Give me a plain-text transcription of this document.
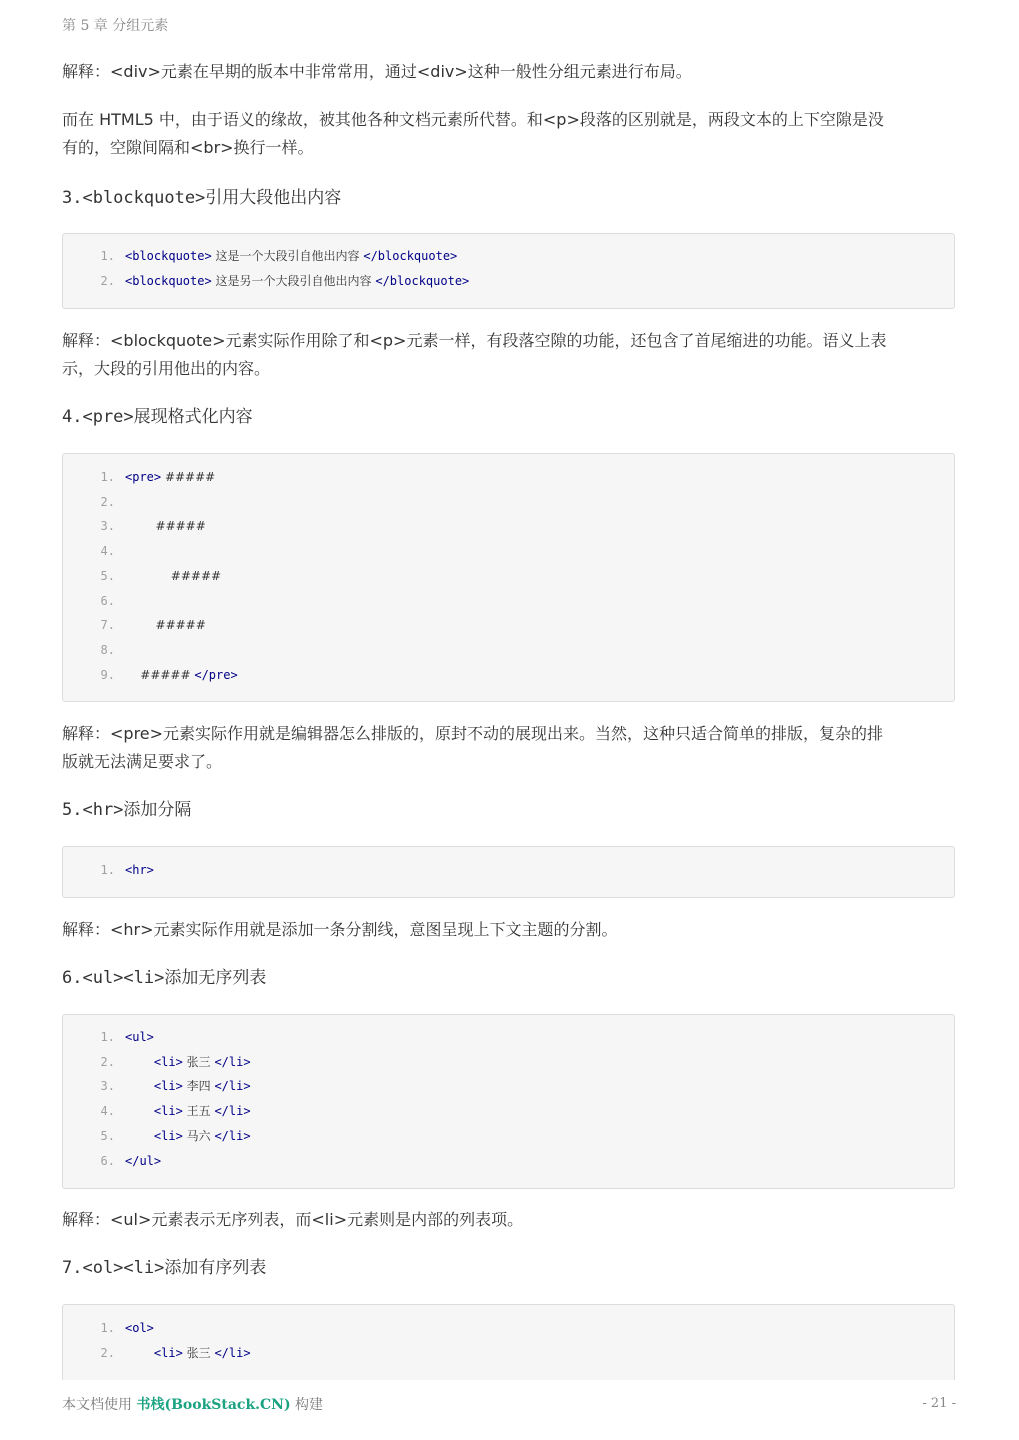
第 5 章 分组元素
解释：<div>元素在早期的版本中非常常用，通过<div>这种一般性分组元素进行布局。
而在 HTML5 中，由于语义的缘故，被其他各种文档元素所代替。和<p>段落的区别就是，两段文本的上下空隙是没
有的，空隙间隔和<br>换行一样。
3.<blockquote>引用大段他出内容
1. <blockquote> 这是一个大段引自他出内容 </blockquote>
2. <blockquote> 这是另一个大段引自他出内容 </blockquote>
解释：<blockquote>元素实际作用除了和<p>元素一样，有段落空隙的功能，还包含了首尾缩进的功能。语义上表
示，大段的引用他出的内容。
4.<pre>展现格式化内容
1. <pre> #####
2.
3.        #####
4.
5.            #####
6.
7.        #####
8.
9.    ##### </pre>
解释：<pre>元素实际作用就是编辑器怎么排版的，原封不动的展现出来。当然，这种只适合简单的排版，复杂的排
版就无法满足要求了。
5.<hr>添加分隔
1. <hr>
解释：<hr>元素实际作用就是添加一条分割线，意图呈现上下文主题的分割。
6.<ul><li>添加无序列表
1. <ul>
2.    <li> 张三 </li>
3.    <li> 李四 </li>
4.    <li> 王五 </li>
5.    <li> 马六 </li>
6. </ul>
解释：<ul>元素表示无序列表，而<li>元素则是内部的列表项。
7.<ol><li>添加有序列表
1. <ol>
2.    <li> 张三 </li>
本文档使用 书栈(BookStack.CN) 构建	- 21 -
